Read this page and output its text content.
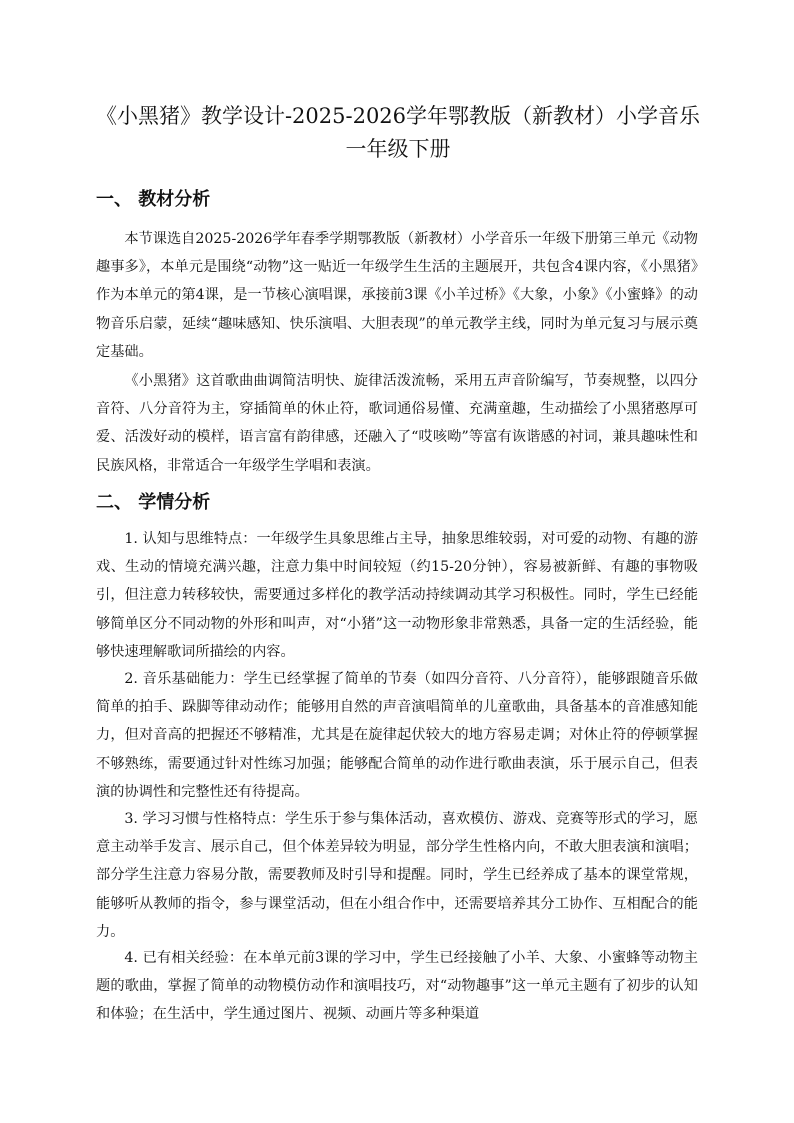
《小黑猪》教学设计-2025-2026学年鄂教版（新教材）小学音乐一年级下册
一、 教材分析

本节课选自2025-2026学年春季学期鄂教版（新教材）小学音乐一年级下册第三单元《动物趣事多》，本单元是围绕“动物”这一贴近一年级学生生活的主题展开，共包含4课内容，《小黑猪》作为本单元的第4课，是一节核心演唱课，承接前3课《小羊过桥》《大象，小象》《小蜜蜂》的动物音乐启蒙，延续“趣味感知、快乐演唱、大胆表现”的单元教学主线，同时为单元复习与展示奠定基础。

《小黑猪》这首歌曲曲调简洁明快、旋律活泼流畅，采用五声音阶编写，节奏规整，以四分音符、八分音符为主，穿插简单的休止符，歌词通俗易懂、充满童趣，生动描绘了小黑猪憨厚可爱、活泼好动的模样，语言富有韵律感，还融入了“哎咳呦”等富有诙谐感的衬词，兼具趣味性和民族风格，非常适合一年级学生学唱和表演。

二、 学情分析

1. 认知与思维特点：一年级学生具象思维占主导，抽象思维较弱，对可爱的动物、有趣的游戏、生动的情境充满兴趣，注意力集中时间较短（约15-20分钟），容易被新鲜、有趣的事物吸引，但注意力转移较快，需要通过多样化的教学活动持续调动其学习积极性。同时，学生已经能够简单区分不同动物的外形和叫声，对“小猪”这一动物形象非常熟悉，具备一定的生活经验，能够快速理解歌词所描绘的内容。

2. 音乐基础能力：学生已经掌握了简单的节奏（如四分音符、八分音符），能够跟随音乐做简单的拍手、跺脚等律动动作；能够用自然的声音演唱简单的儿童歌曲，具备基本的音准感知能力，但对音高的把握还不够精准，尤其是在旋律起伏较大的地方容易走调；对休止符的停顿掌握不够熟练，需要通过针对性练习加强；能够配合简单的动作进行歌曲表演，乐于展示自己，但表演的协调性和完整性还有待提高。

3. 学习习惯与性格特点：学生乐于参与集体活动，喜欢模仿、游戏、竞赛等形式的学习，愿意主动举手发言、展示自己，但个体差异较为明显，部分学生性格内向，不敢大胆表演和演唱；部分学生注意力容易分散，需要教师及时引导和提醒。同时，学生已经养成了基本的课堂常规，能够听从教师的指令，参与课堂活动，但在小组合作中，还需要培养其分工协作、互相配合的能力。

4. 已有相关经验：在本单元前3课的学习中，学生已经接触了小羊、大象、小蜜蜂等动物主题的歌曲，掌握了简单的动物模仿动作和演唱技巧，对“动物趣事”这一单元主题有了初步的认知和体验；在生活中，学生通过图片、视频、动画片等多种渠道
